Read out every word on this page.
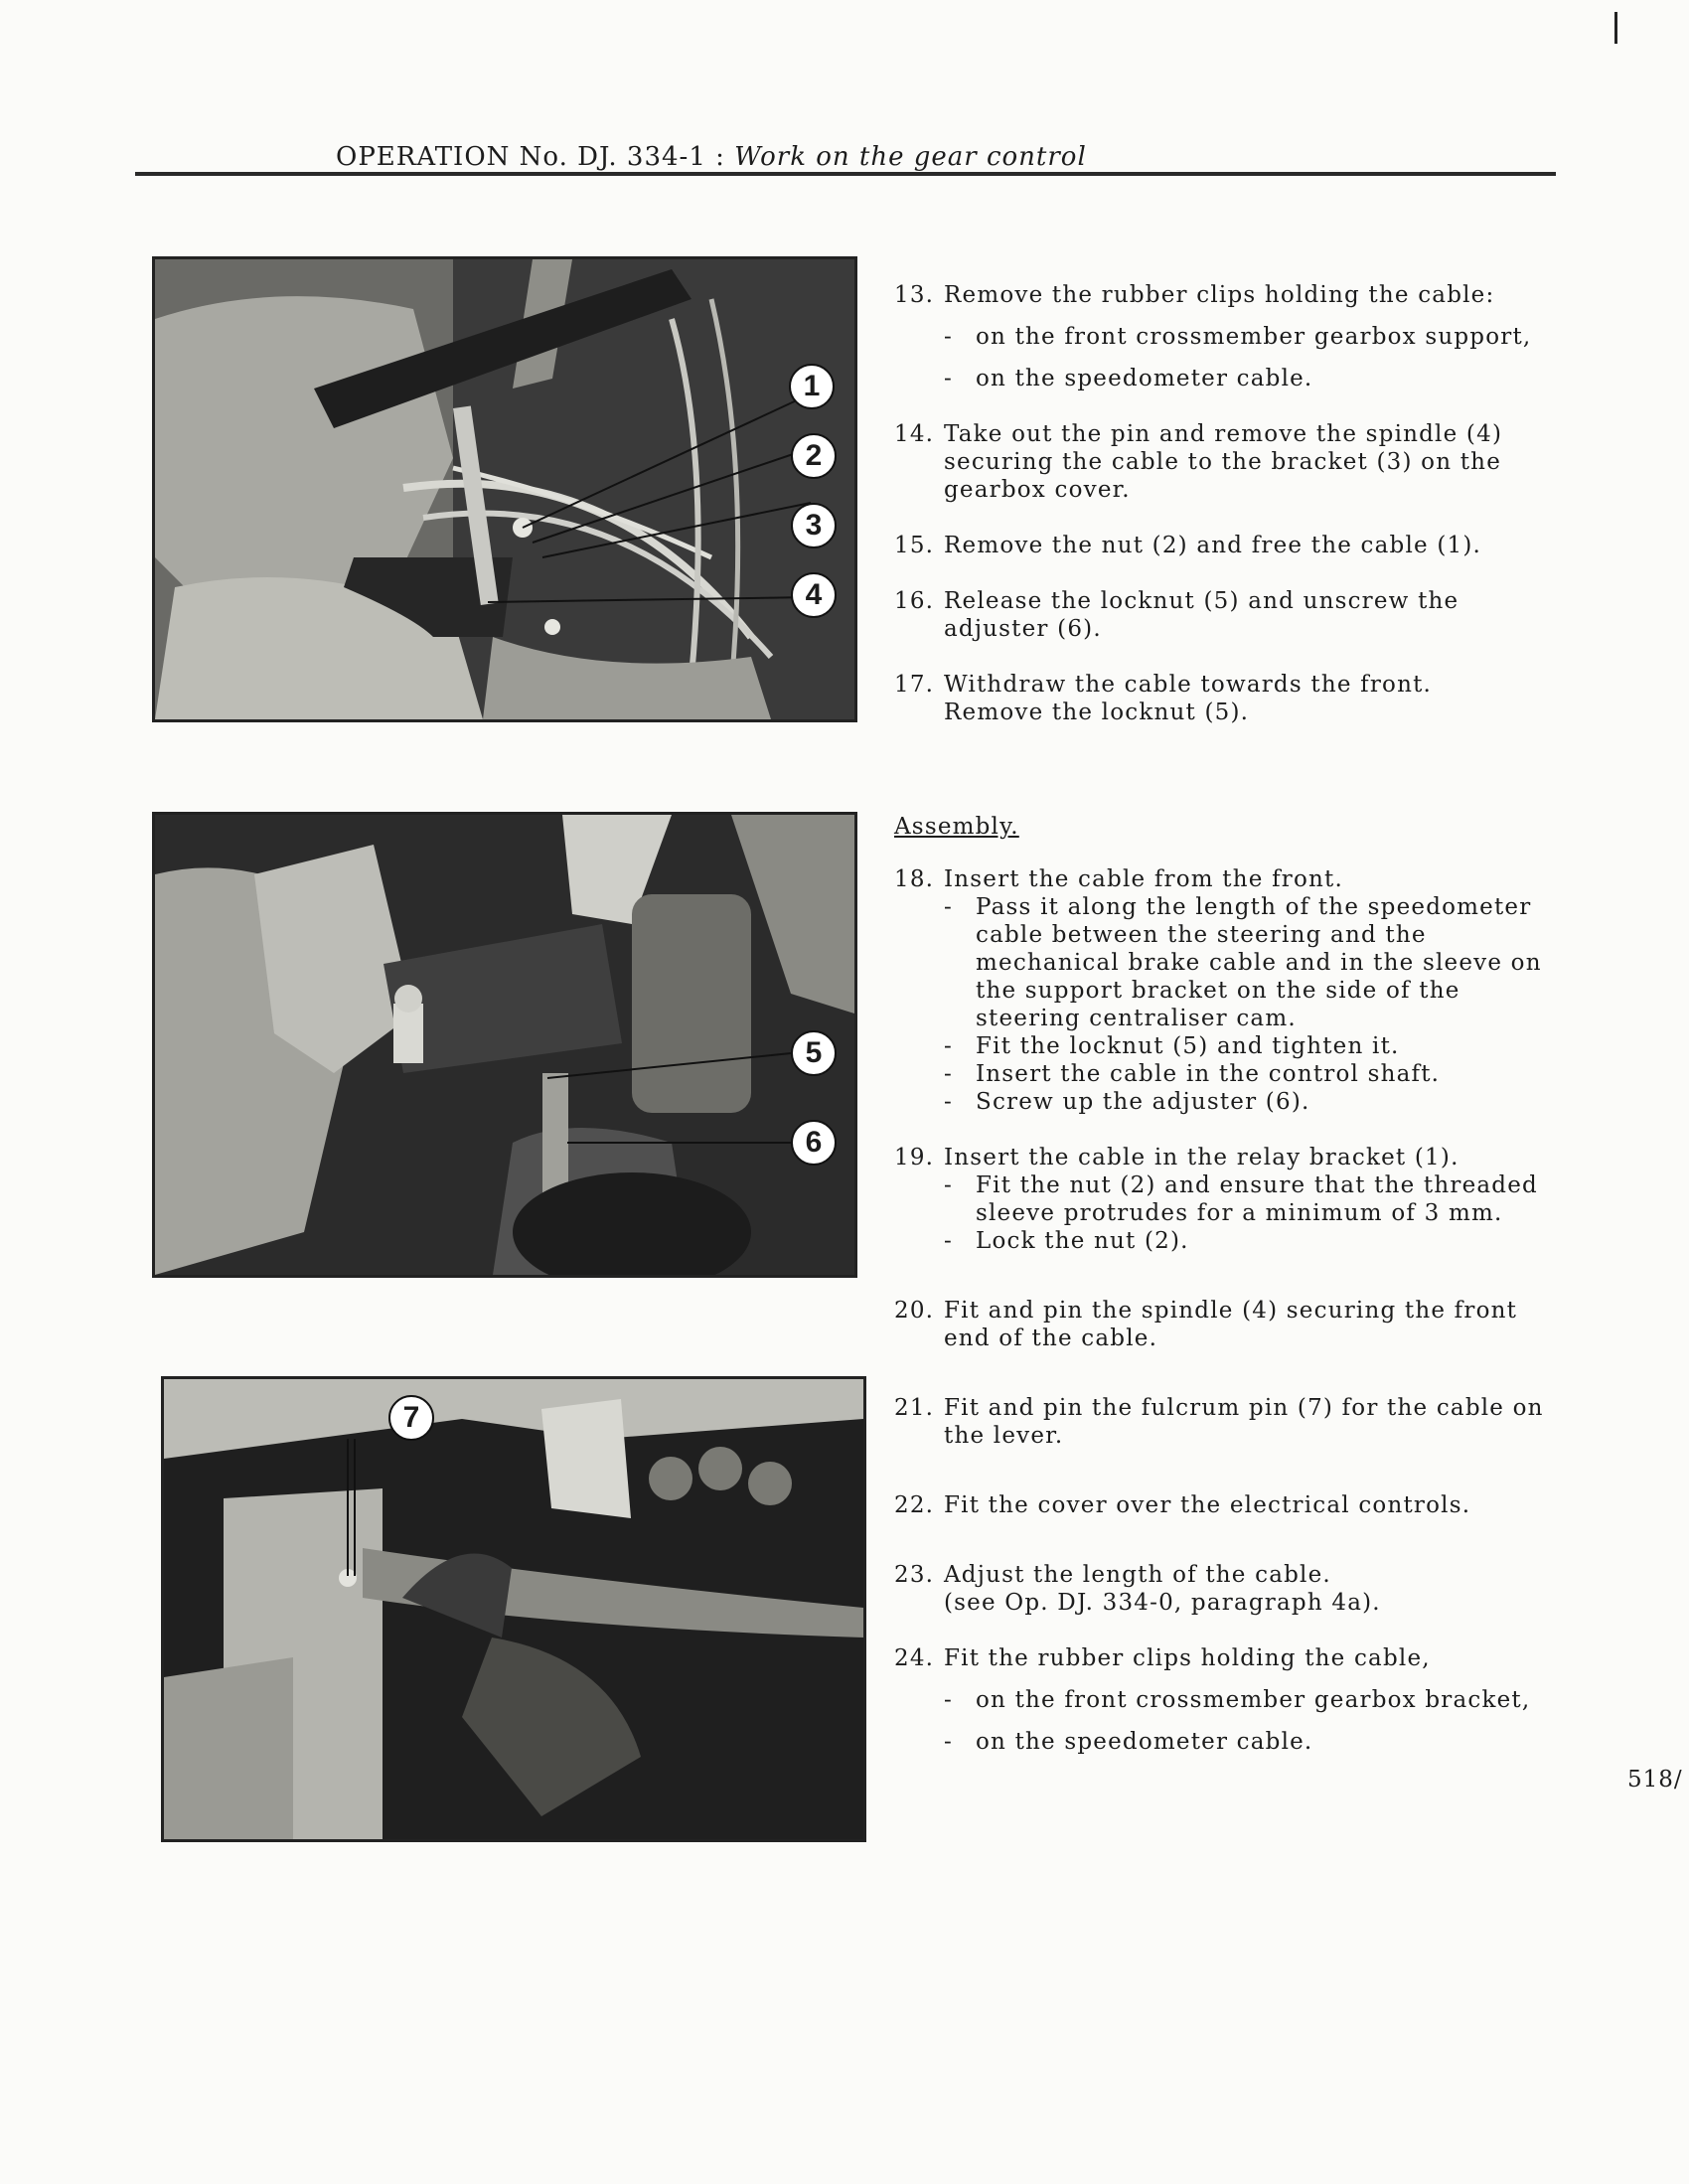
OPERATION No. DJ. 334-1 : Work on the gear control
1
2
3
4
5
6
7
13. Remove the rubber clips holding the cable:
- on the front crossmember gearbox support,
- on the speedometer cable.
14. Take out the pin and remove the spindle (4) securing the cable to the bracket (3) on the gearbox cover.
15. Remove the nut (2) and free the cable (1).
16. Release the locknut (5) and unscrew the adjuster (6).
17. Withdraw the cable towards the front.
Remove the locknut (5).
Assembly.
18. Insert the cable from the front.
- Pass it along the length of the speedometer cable between the steering and the mechanical brake cable and in the sleeve on the support bracket on the side of the steering centraliser cam.
- Fit the locknut (5) and tighten it.
- Insert the cable in the control shaft.
- Screw up the adjuster (6).
19. Insert the cable in the relay bracket (1).
- Fit the nut (2) and ensure that the threaded sleeve protrudes for a minimum of 3 mm.
- Lock the nut (2).
20. Fit and pin the spindle (4) securing the front end of the cable.
21. Fit and pin the fulcrum pin (7) for the cable on the lever.
22. Fit the cover over the electrical controls.
23. Adjust the length of the cable.
(see Op. DJ. 334-0, paragraph 4a).
24. Fit the rubber clips holding the cable,
- on the front crossmember gearbox bracket,
- on the speedometer cable.
518/
